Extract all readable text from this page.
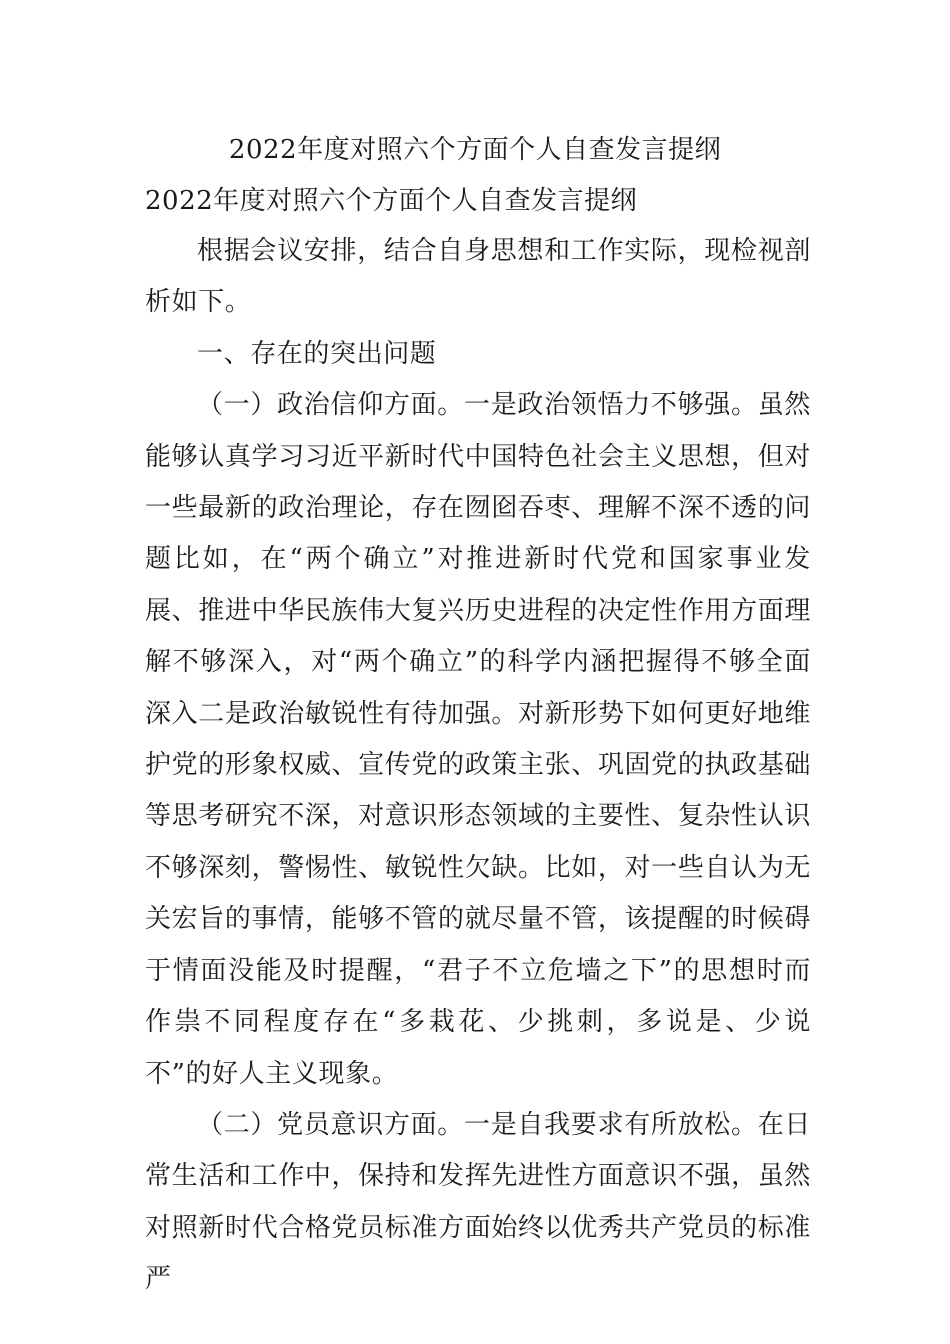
2022年度对照六个方面个人自查发言提纲
2022年度对照六个方面个人自查发言提纲

根据会议安排，结合自身思想和工作实际，现检视剖析如下。

一、存在的突出问题

（一）政治信仰方面。一是政治领悟力不够强。虽然能够认真学习习近平新时代中国特色社会主义思想，但对一些最新的政治理论，存在囫囵吞枣、理解不深不透的问题比如，在“两个确立”对推进新时代党和国家事业发展、推进中华民族伟大复兴历史进程的决定性作用方面理解不够深入，对“两个确立”的科学内涵把握得不够全面深入二是政治敏锐性有待加强。对新形势下如何更好地维护党的形象权威、宣传党的政策主张、巩固党的执政基础等思考研究不深，对意识形态领域的主要性、复杂性认识不够深刻，警惕性、敏锐性欠缺。比如，对一些自认为无关宏旨的事情，能够不管的就尽量不管，该提醒的时候碍于情面没能及时提醒，“君子不立危墙之下”的思想时而作祟不同程度存在“多栽花、少挑刺，多说是、少说不”的好人主义现象。

（二）党员意识方面。一是自我要求有所放松。在日常生活和工作中，保持和发挥先进性方面意识不强，虽然对照新时代合格党员标准方面始终以优秀共产党员的标准严
